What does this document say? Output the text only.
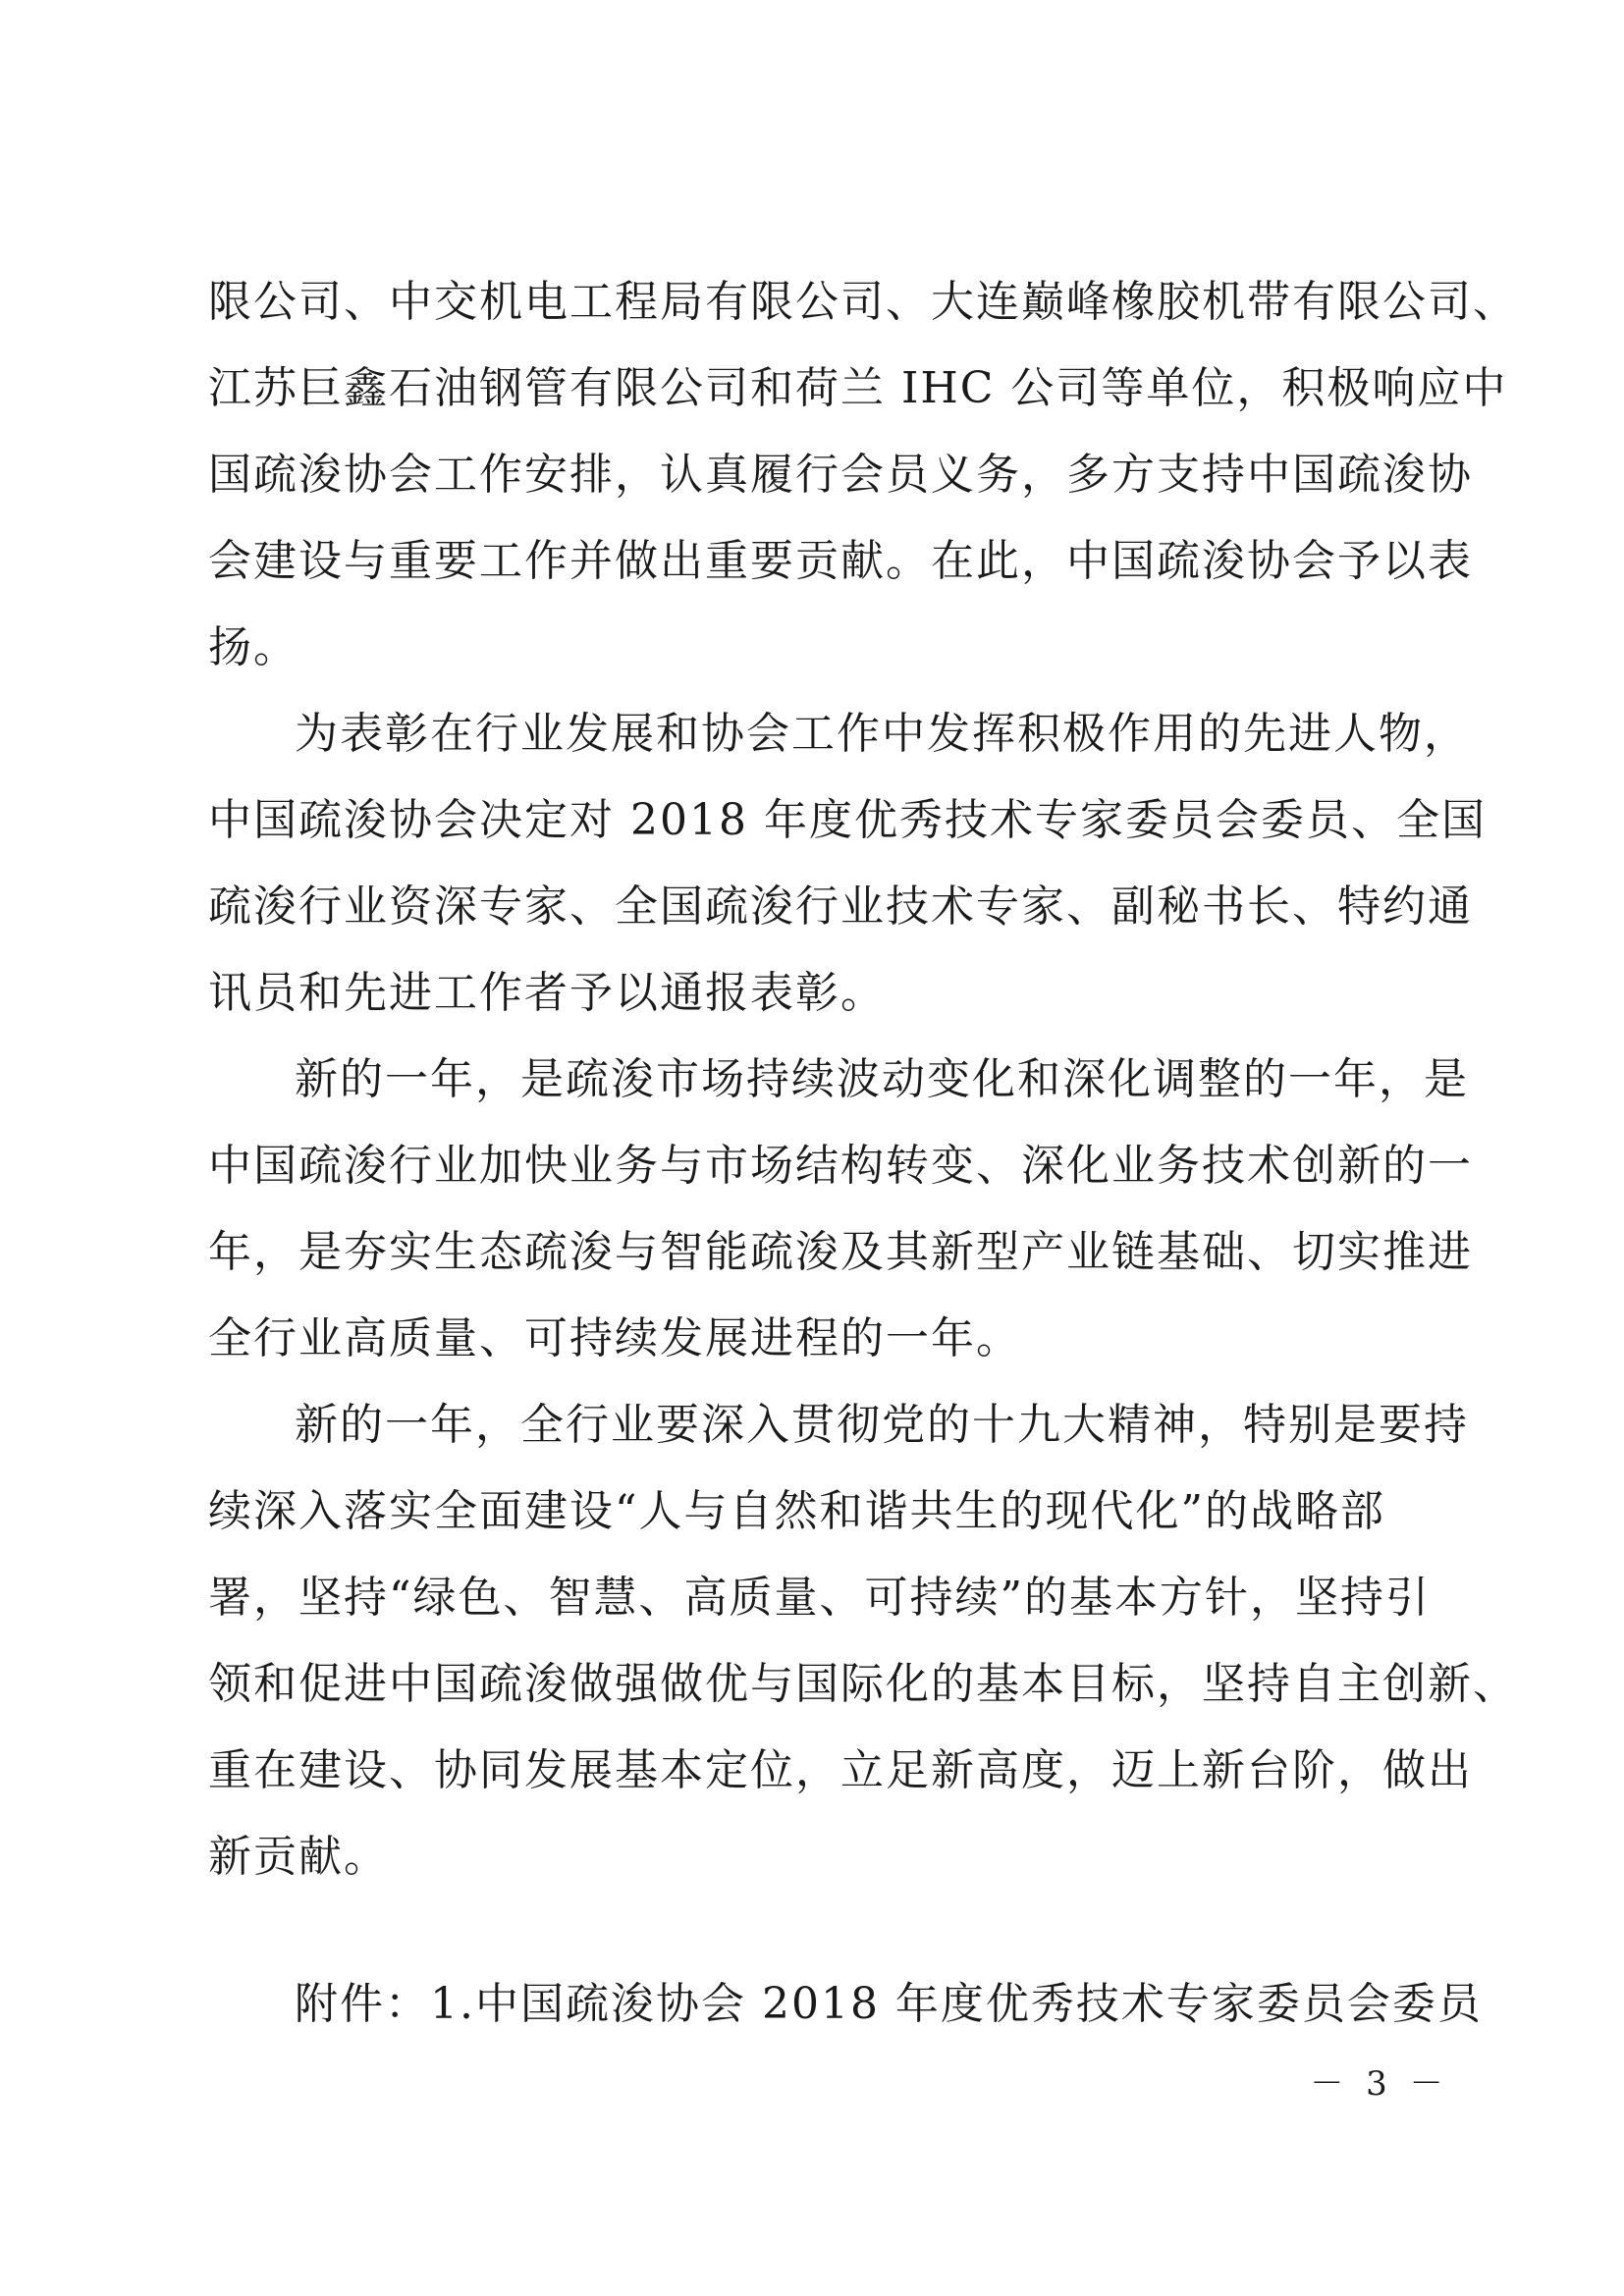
限公司、中交机电工程局有限公司、大连巅峰橡胶机带有限公司、
江苏巨鑫石油钢管有限公司和荷兰 IHC 公司等单位，积极响应中
国疏浚协会工作安排，认真履行会员义务，多方支持中国疏浚协
会建设与重要工作并做出重要贡献。在此，中国疏浚协会予以表
扬。
为表彰在行业发展和协会工作中发挥积极作用的先进人物，
中国疏浚协会决定对 2018 年度优秀技术专家委员会委员、全国
疏浚行业资深专家、全国疏浚行业技术专家、副秘书长、特约通
讯员和先进工作者予以通报表彰。
新的一年，是疏浚市场持续波动变化和深化调整的一年，是
中国疏浚行业加快业务与市场结构转变、深化业务技术创新的一
年，是夯实生态疏浚与智能疏浚及其新型产业链基础、切实推进
全行业高质量、可持续发展进程的一年。
新的一年，全行业要深入贯彻党的十九大精神，特别是要持
续深入落实全面建设“人与自然和谐共生的现代化”的战略部
署，坚持“绿色、智慧、高质量、可持续”的基本方针，坚持引
领和促进中国疏浚做强做优与国际化的基本目标，坚持自主创新、
重在建设、协同发展基本定位，立足新高度，迈上新台阶，做出
新贡献。
附件：1.中国疏浚协会 2018 年度优秀技术专家委员会委员
－ 3 －
